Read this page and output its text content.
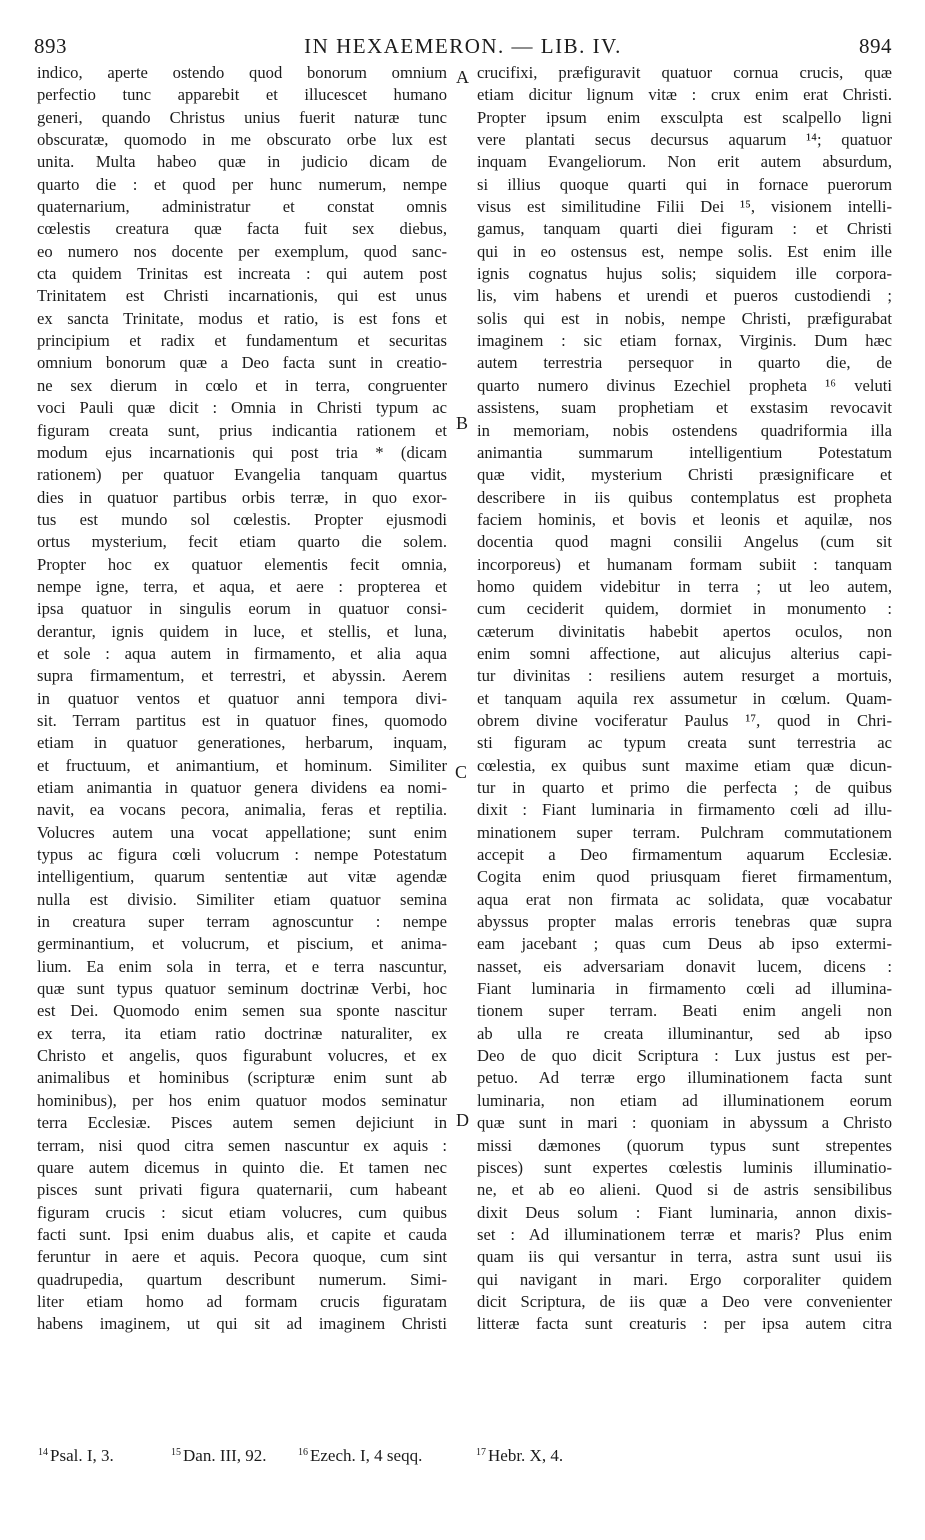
893	IN HEXAEMERON. — LIB. IV.	894
indico, aperte ostendo quod bonorum omnium
perfectio tunc apparebit et illucescet humano
generi, quando Christus unius fuerit naturæ tunc
obscuratæ, quomodo in me obscurato orbe lux est
unita. Multa habeo quæ in judicio dicam de
quarto die : et quod per hunc numerum, nempe
quaternarium, administratur et constat omnis
cœlestis creatura quæ facta fuit sex diebus,
eo numero nos docente per exemplum, quod sanc-
cta quidem Trinitas est increata : qui autem post
Trinitatem est Christi incarnationis, qui est unus
ex sancta Trinitate, modus et ratio, is est fons et
principium et radix et fundamentum et securitas
omnium bonorum quæ a Deo facta sunt in creatio-
ne sex dierum in cœlo et in terra, congruenter
voci Pauli quæ dicit : Omnia in Christi typum ac
figuram creata sunt, prius indicantia rationem et
modum ejus incarnationis qui post tria * (dicam
rationem) per quatuor Evangelia tanquam quartus
dies in quatuor partibus orbis terræ, in quo exor-
tus est mundo sol cœlestis. Propter ejusmodi
ortus mysterium, fecit etiam quarto die solem.
Propter hoc ex quatuor elementis fecit omnia,
nempe igne, terra, et aqua, et aere : propterea et
ipsa quatuor in singulis eorum in quatuor consi-
derantur, ignis quidem in luce, et stellis, et luna,
et sole : aqua autem in firmamento, et alia aqua
supra firmamentum, et terrestri, et abyssin. Aerem
in quatuor ventos et quatuor anni tempora divi-
sit. Terram partitus est in quatuor fines, quomodo
etiam in quatuor generationes, herbarum, inquam,
et fructuum, et animantium, et hominum. Similiter
etiam animantia in quatuor genera dividens ea nomi-
navit, ea vocans pecora, animalia, feras et reptilia.
Volucres autem una vocat appellatione; sunt enim
typus ac figura cœli volucrum : nempe Potestatum
intelligentium, quarum sententiæ aut vitæ agendæ
nulla est divisio. Similiter etiam quatuor semina
in creatura super terram agnoscuntur : nempe
germinantium, et volucrum, et piscium, et anima-
lium. Ea enim sola in terra, et e terra nascuntur,
quæ sunt typus quatuor seminum doctrinæ Verbi, hoc
est Dei. Quomodo enim semen sua sponte nascitur
ex terra, ita etiam ratio doctrinæ naturaliter, ex
Christo et angelis, quos figurabunt volucres, et ex
animalibus et hominibus (scripturæ enim sunt ab
hominibus), per hos enim quatuor modos seminatur
terra Ecclesiæ. Pisces autem semen dejiciunt in
terram, nisi quod citra semen nascuntur ex aquis :
quare autem dicemus in quinto die. Et tamen nec
pisces sunt privati figura quaternarii, cum habeant
figuram crucis : sicut etiam volucres, cum quibus
facti sunt. Ipsi enim duabus alis, et capite et cauda
feruntur in aere et aquis. Pecora quoque, cum sint
quadrupedia, quartum describunt numerum. Simi-
liter etiam homo ad formam crucis figuratam
habens imaginem, ut qui sit ad imaginem Christi
crucifixi, præfiguravit quatuor cornua crucis, quæ
etiam dicitur lignum vitæ : crux enim erat Christi.
Propter ipsum enim exsculpta est scalpello ligni
vere plantati secus decursus aquarum ¹⁴; quatuor
inquam Evangeliorum. Non erit autem absurdum,
si illius quoque quarti qui in fornace puerorum
visus est similitudine Filii Dei ¹⁵, visionem intelli-
gamus, tanquam quarti diei figuram : et Christi
qui in eo ostensus est, nempe solis. Est enim ille
ignis cognatus hujus solis; siquidem ille corpora-
lis, vim habens et urendi et pueros custodiendi ;
solis qui est in nobis, nempe Christi, præfigurabat
imaginem : sic etiam fornax, Virginis. Dum hæc
autem terrestria persequor in quarto die, de
quarto numero divinus Ezechiel propheta ¹⁶ veluti
assistens, suam prophetiam et exstasim revocavit
in memoriam, nobis ostendens quadriformia illa
animantia summarum intelligentium Potestatum
quæ vidit, mysterium Christi præsignificare et
describere in iis quibus contemplatus est propheta
faciem hominis, et bovis et leonis et aquilæ, nos
docentia quod magni consilii Angelus (cum sit
incorporeus) et humanam formam subiit : tanquam
homo quidem videbitur in terra ; ut leo autem,
cum ceciderit quidem, dormiet in monumento :
cæterum divinitatis habebit apertos oculos, non
enim somni affectione, aut alicujus alterius capi-
tur divinitas : resiliens autem resurget a mortuis,
et tanquam aquila rex assumetur in cœlum. Quam-
obrem divine vociferatur Paulus ¹⁷, quod in Chri-
sti figuram ac typum creata sunt terrestria ac
cœlestia, ex quibus sunt maxime etiam quæ dicun-
tur in quarto et primo die perfecta ; de quibus
dixit : Fiant luminaria in firmamento cœli ad illu-
minationem super terram. Pulchram commutationem
accepit a Deo firmamentum aquarum Ecclesiæ.
Cogita enim quod priusquam fieret firmamentum,
aqua erat non firmata ac solidata, quæ vocabatur
abyssus propter malas erroris tenebras quæ supra
eam jacebant ; quas cum Deus ab ipso extermi-
nasset, eis adversariam donavit lucem, dicens :
Fiant luminaria in firmamento cœli ad illumina-
tionem super terram. Beati enim angeli non
ab ulla re creata illuminantur, sed ab ipso
Deo de quo dicit Scriptura : Lux justus est per-
petuo. Ad terræ ergo illuminationem facta sunt
luminaria, non etiam ad illuminationem eorum
quæ sunt in mari : quoniam in abyssum a Christo
missi dæmones (quorum typus sunt strepentes
pisces) sunt expertes cœlestis luminis illuminatio-
ne, et ab eo alieni. Quod si de astris sensibilibus
dixit Deus solum : Fiant luminaria, annon dixis-
set : Ad illuminationem terræ et maris? Plus enim
quam iis qui versantur in terra, astra sunt usui iis
qui navigant in mari. Ergo corporaliter quidem
dicit Scriptura, de iis quæ a Deo vere convenienter
litteræ facta sunt creaturis : per ipsa autem citra
A
B
C
D
$^{14}$ Psal. I, 3.	$^{15}$ Dan. III, 92.	$^{16}$ Ezech. I, 4 seqq.	$^{17}$ Hebr. X, 4.
